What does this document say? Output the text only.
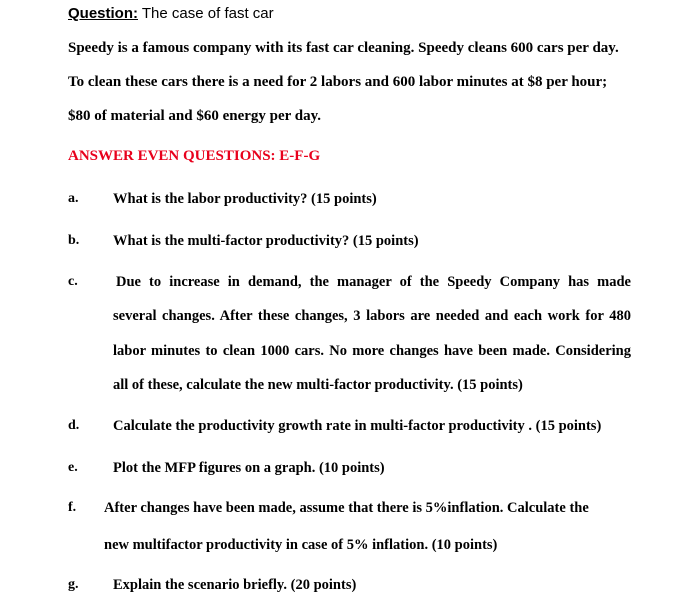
Question: The case of fast car
Speedy is a famous company with its fast car cleaning. Speedy cleans 600 cars per day.
To clean these cars there is a need for 2 labors and 600 labor minutes at $8 per hour;
$80 of material and $60 energy per day.
ANSWER EVEN QUESTIONS: E-F-G
a. What is the labor productivity? (15 points)
b. What is the multi-factor productivity? (15 points)
c.	Due to increase in demand, the manager of the Speedy Company has made
several changes. After these changes, 3 labors are needed and each work for 480
labor minutes to clean 1000 cars. No more changes have been made. Considering
all of these, calculate the new multi-factor productivity. (15 points)
d. Calculate the productivity growth rate in multi-factor productivity . (15 points)
e. Plot the MFP figures on a graph. (10 points)
f. After changes have been made, assume that there is 5%inflation. Calculate the
new multifactor productivity in case of 5% inflation. (10 points)
g. Explain the scenario briefly. (20 points)
